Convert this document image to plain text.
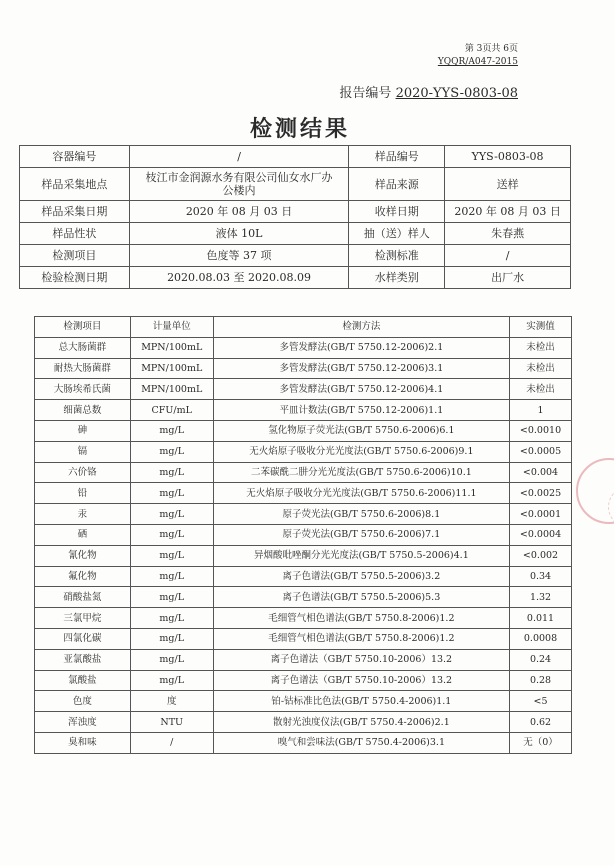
第 3页共 6页
YQQR/A047-2015
报告编号 2020-YYS-0803-08
检测结果
容器编号	/	样品编号	YYS-0803-08
样品采集地点	枝江市金润源水务有限公司仙女水厂办公楼内	样品来源	送样
样品采集日期	2020 年 08 月 03 日	收样日期	2020 年 08 月 03 日
样品性状	液体 10L	抽（送）样人	朱春燕
检测项目	色度等 37 项	检测标准	/
检验检测日期	2020.08.03 至 2020.08.09	水样类别	出厂水
检测项目	计量单位	检测方法	实测值
总大肠菌群	MPN/100mL	多管发酵法(GB/T 5750.12-2006)2.1	未检出
耐热大肠菌群	MPN/100mL	多管发酵法(GB/T 5750.12-2006)3.1	未检出
大肠埃希氏菌	MPN/100mL	多管发酵法(GB/T 5750.12-2006)4.1	未检出
细菌总数	CFU/mL	平皿计数法(GB/T 5750.12-2006)1.1	1
砷	mg/L	氢化物原子荧光法(GB/T 5750.6-2006)6.1	<0.0010
镉	mg/L	无火焰原子吸收分光光度法(GB/T 5750.6-2006)9.1	<0.0005
六价铬	mg/L	二苯碳酰二肼分光光度法(GB/T 5750.6-2006)10.1	<0.004
铅	mg/L	无火焰原子吸收分光光度法(GB/T 5750.6-2006)11.1	<0.0025
汞	mg/L	原子荧光法(GB/T 5750.6-2006)8.1	<0.0001
硒	mg/L	原子荧光法(GB/T 5750.6-2006)7.1	<0.0004
氰化物	mg/L	异烟酸吡唑酮分光光度法(GB/T 5750.5-2006)4.1	<0.002
氟化物	mg/L	离子色谱法(GB/T 5750.5-2006)3.2	0.34
硝酸盐氮	mg/L	离子色谱法(GB/T 5750.5-2006)5.3	1.32
三氯甲烷	mg/L	毛细管气相色谱法(GB/T 5750.8-2006)1.2	0.011
四氯化碳	mg/L	毛细管气相色谱法(GB/T 5750.8-2006)1.2	0.0008
亚氯酸盐	mg/L	离子色谱法（GB/T 5750.10-2006）13.2	0.24
氯酸盐	mg/L	离子色谱法（GB/T 5750.10-2006）13.2	0.28
色度	度	铂-钴标准比色法(GB/T 5750.4-2006)1.1	<5
浑浊度	NTU	散射光浊度仪法(GB/T 5750.4-2006)2.1	0.62
臭和味	/	嗅气和尝味法(GB/T 5750.4-2006)3.1	无（0）
